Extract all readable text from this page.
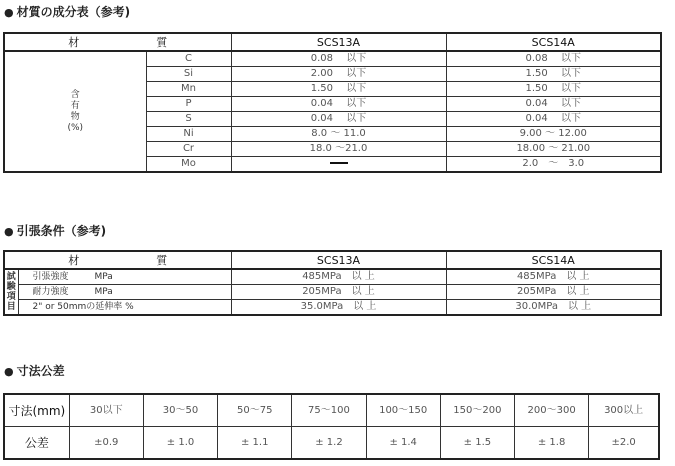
● 材質の成分表（参考)
材 質		SCS13A	SCS14A
含
有
物
(%)	C	0.08　 以下	0.08　 以下
	Si	2.00　 以下	1.50　 以下
	Mn	1.50　 以下	1.50　 以下
	P	0.04　 以下	0.04　 以下
	S	0.04　 以下	0.04　 以下
	Ni	8.0 ～ 11.0	9.00 ～ 12.00
	Cr	18.0 ～21.0	18.00 ～ 21.00
	Mo		2.0　～　3.0
● 引張条件（参考)
材 質		SCS13A	SCS14A
試
験
項
目	引張強度 MPa	485MPa　以 上	485MPa　以 上
	耐力強度 MPa	205MPa　以 上	205MPa　以 上
	2" or 50mmの延伸率 %	35.0MPa　以 上	30.0MPa　以 上
● 寸法公差
寸法(mm)	30以下	30～50	50～75	75～100	100～150	150～200	200～300	300以上
公差	±0.9	± 1.0	± 1.1	± 1.2	± 1.4	± 1.5	± 1.8	±2.0
